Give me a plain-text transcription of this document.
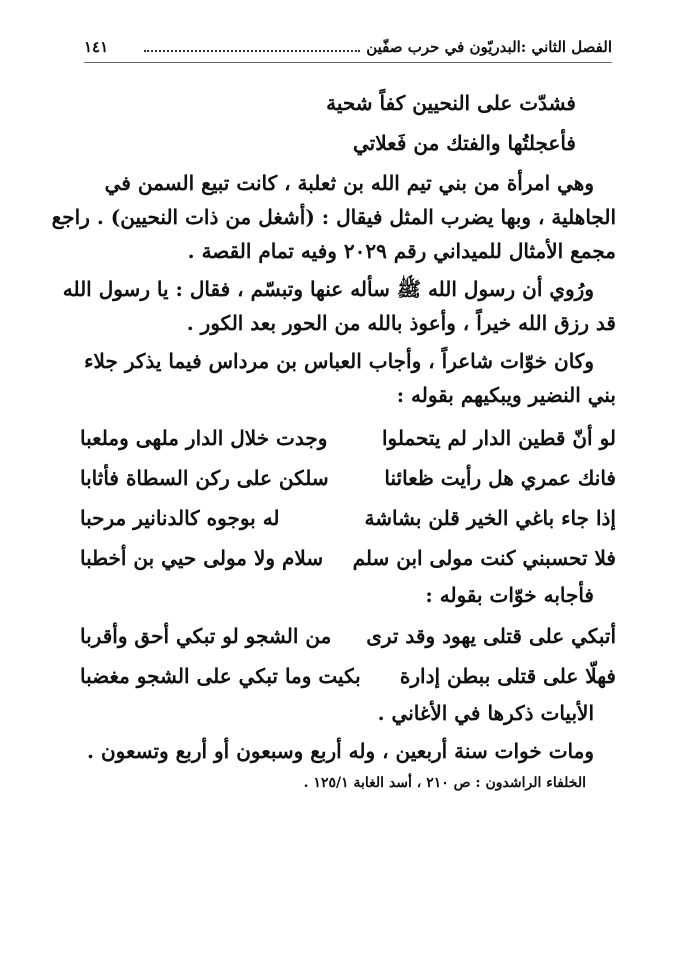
الفصل الثاني :البدريّون في حرب صفّين
١٤١
فشدّت على النحيين كفاً شحية
فأعجلتُها والفتك من فَعلاتي
وهي امرأة من بني تيم الله بن ثعلبة ، كانت تبيع السمن في
الجاهلية ، وبها يضرب المثل فيقال : (أشغل من ذات النحيين) . راجع
مجمع الأمثال للميداني رقم ٢٠٢٩ وفيه تمام القصة .
ورُوي أن رسول الله ﷺ سأله عنها وتبسّم ، فقال : يا رسول الله
قد رزق الله خيراً ، وأعوذ بالله من الحور بعد الكور .
وكان خوّات شاعراً ، وأجاب العباس بن مرداس فيما يذكر جلاء
بني النضير ويبكيهم بقوله :
لو أنّ قطين الدار لم يتحملوا
وجدت خلال الدار ملهى وملعبا
فانك عمري هل رأيت ظعائنا
سلكن على ركن السطاة فأثابا
إذا جاء باغي الخير قلن بشاشة
له بوجوه كالدنانير مرحبا
فلا تحسبني كنت مولى ابن سلم
سلام ولا مولى حيي بن أخطبا
فأجابه خوّات بقوله :
أتبكي على قتلى يهود وقد ترى
من الشجو لو تبكي أحق وأقربا
فهلّا على قتلى ببطن إدارة
بكيت وما تبكي على الشجو مغضبا
الأبيات ذكرها في الأغاني .
ومات خوات سنة أربعين ، وله أربع وسبعون أو أربع وتسعون .
الخلفاء الراشدون : ص ٢١٠ ، أسد الغابة ١٢٥/١ .
